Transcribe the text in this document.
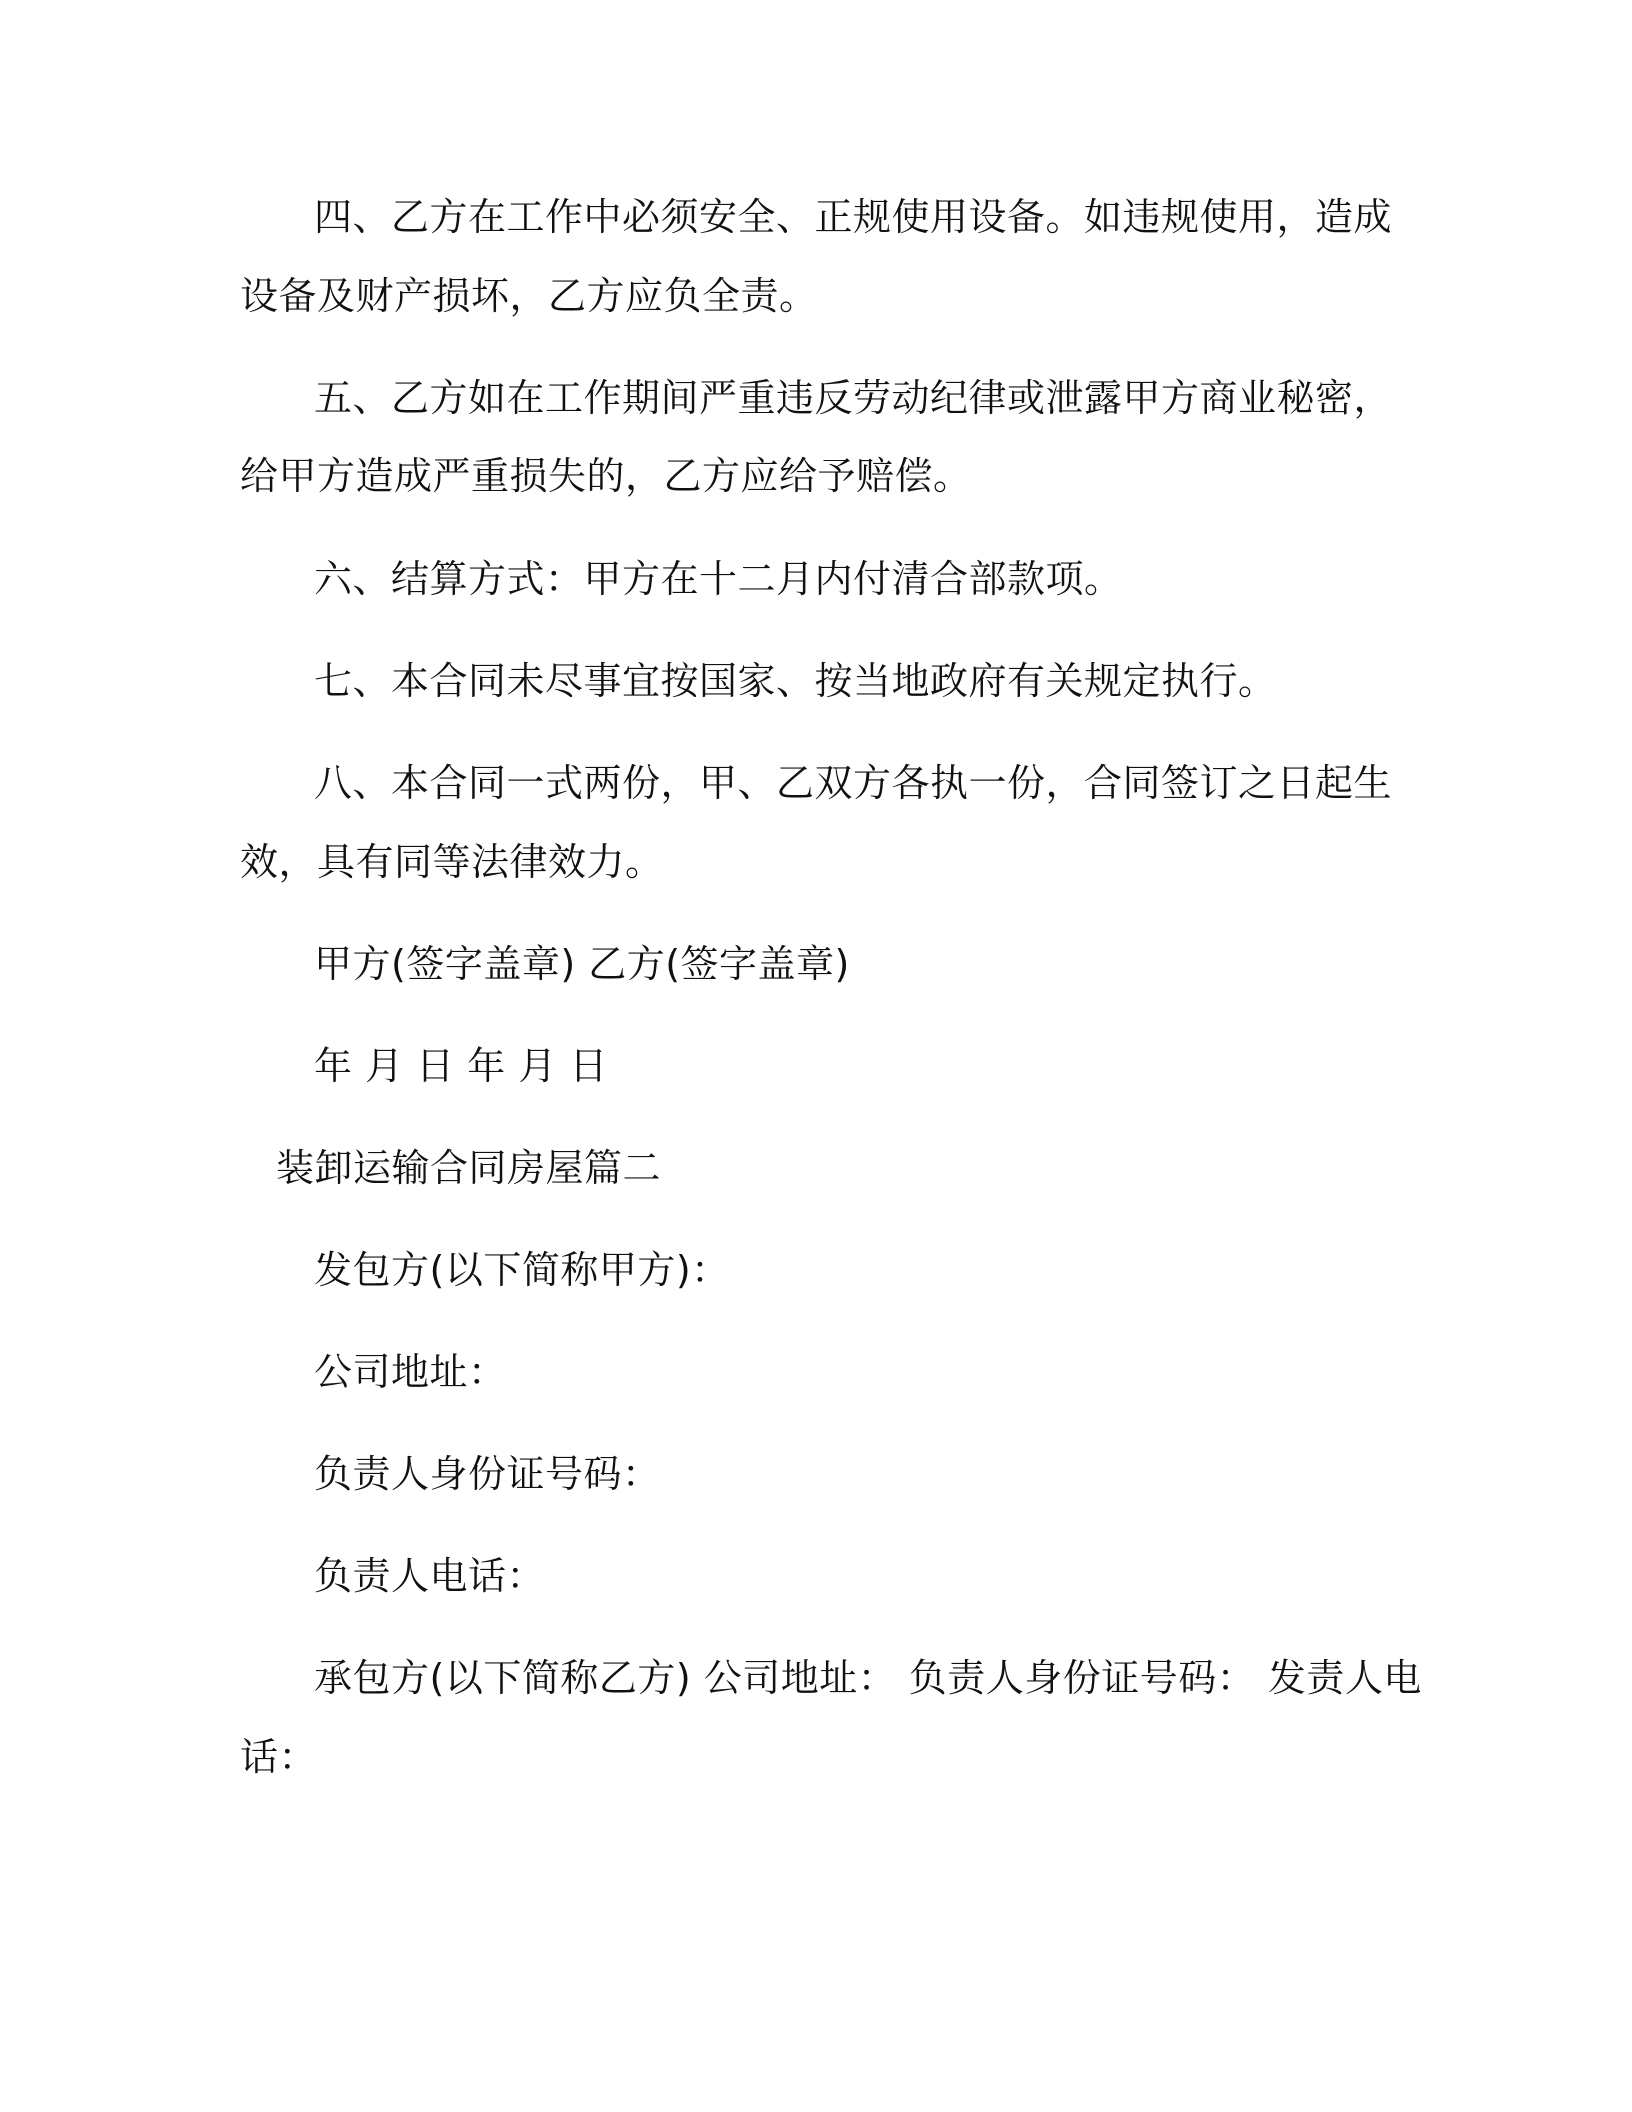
四、乙方在工作中必须安全、正规使用设备。如违规使用，造成
设备及财产损坏，乙方应负全责。
五、乙方如在工作期间严重违反劳动纪律或泄露甲方商业秘密，
给甲方造成严重损失的，乙方应给予赔偿。
六、结算方式：甲方在十二月内付清合部款项。
七、本合同未尽事宜按国家、按当地政府有关规定执行。
八、本合同一式两份，甲、乙双方各执一份，合同签订之日起生
效，具有同等法律效力。
甲方(签字盖章) 乙方(签字盖章)
年 月 日 年 月 日
装卸运输合同房屋篇二
发包方(以下简称甲方)：
公司地址：
负责人身份证号码：
负责人电话：
承包方(以下简称乙方) 公司地址： 负责人身份证号码： 发责人电
话：
